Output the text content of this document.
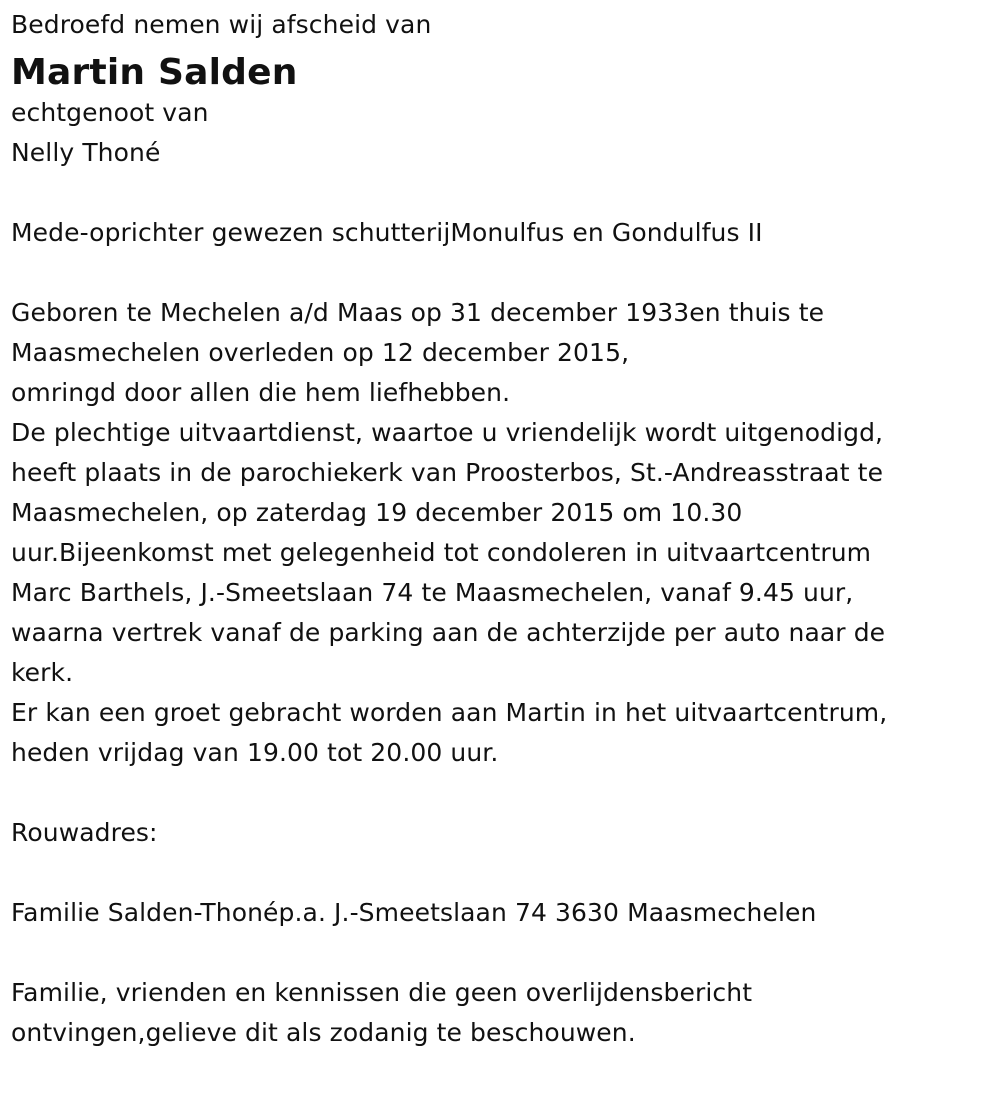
Bedroefd nemen wij afscheid van
Martin Salden
echtgenoot van
Nelly Thoné
Mede-oprichter gewezen schutterijMonulfus en Gondulfus II
Geboren te Mechelen a/d Maas op 31 december 1933en thuis te
Maasmechelen overleden op 12 december 2015,
omringd door allen die hem liefhebben.
De plechtige uitvaartdienst, waartoe u vriendelijk wordt uitgenodigd,
heeft plaats in de parochiekerk van Proosterbos, St.-Andreasstraat te
Maasmechelen, op zaterdag 19 december 2015 om 10.30
uur.Bijeenkomst met gelegenheid tot condoleren in uitvaartcentrum
Marc Barthels, J.-Smeetslaan 74 te Maasmechelen, vanaf 9.45 uur,
waarna vertrek vanaf de parking aan de achterzijde per auto naar de
kerk.
Er kan een groet gebracht worden aan Martin in het uitvaartcentrum,
heden vrijdag van 19.00 tot 20.00 uur.
Rouwadres:
Familie Salden-Thonép.a. J.-Smeetslaan 74 3630 Maasmechelen
Familie, vrienden en kennissen die geen overlijdensbericht
ontvingen,gelieve dit als zodanig te beschouwen.
